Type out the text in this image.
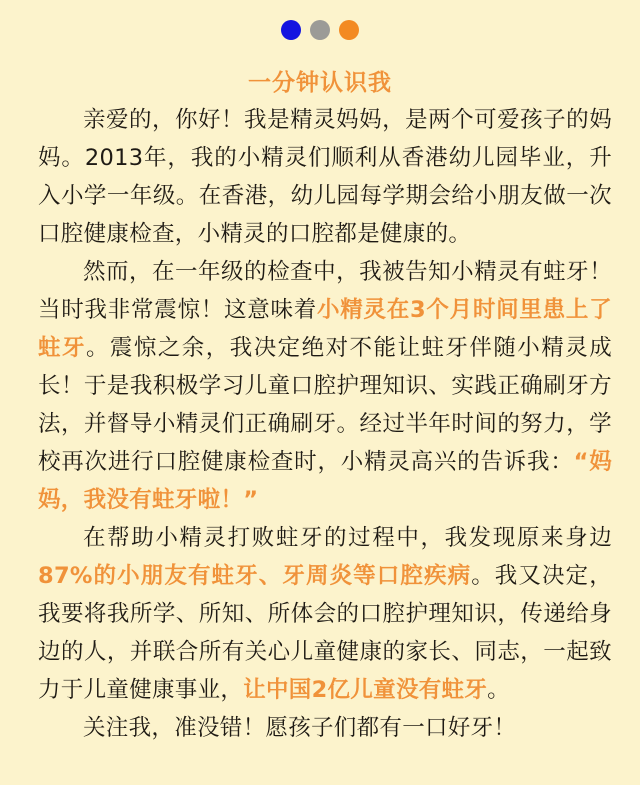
一分钟认识我

亲爱的，你好！我是精灵妈妈，是两个可爱孩子的妈妈。2013年，我的小精灵们顺利从香港幼儿园毕业，升入小学一年级。在香港，幼儿园每学期会给小朋友做一次口腔健康检查，小精灵的口腔都是健康的。

然而，在一年级的检查中，我被告知小精灵有蛀牙！当时我非常震惊！这意味着小精灵在3个月时间里患上了蛀牙。震惊之余，我决定绝对不能让蛀牙伴随小精灵成长！于是我积极学习儿童口腔护理知识、实践正确刷牙方法，并督导小精灵们正确刷牙。经过半年时间的努力，学校再次进行口腔健康检查时，小精灵高兴的告诉我：“妈妈，我没有蛀牙啦！”

在帮助小精灵打败蛀牙的过程中，我发现原来身边87%的小朋友有蛀牙、牙周炎等口腔疾病。我又决定，我要将我所学、所知、所体会的口腔护理知识，传递给身边的人，并联合所有关心儿童健康的家长、同志，一起致力于儿童健康事业，让中国2亿儿童没有蛀牙。

关注我，准没错！愿孩子们都有一口好牙！
